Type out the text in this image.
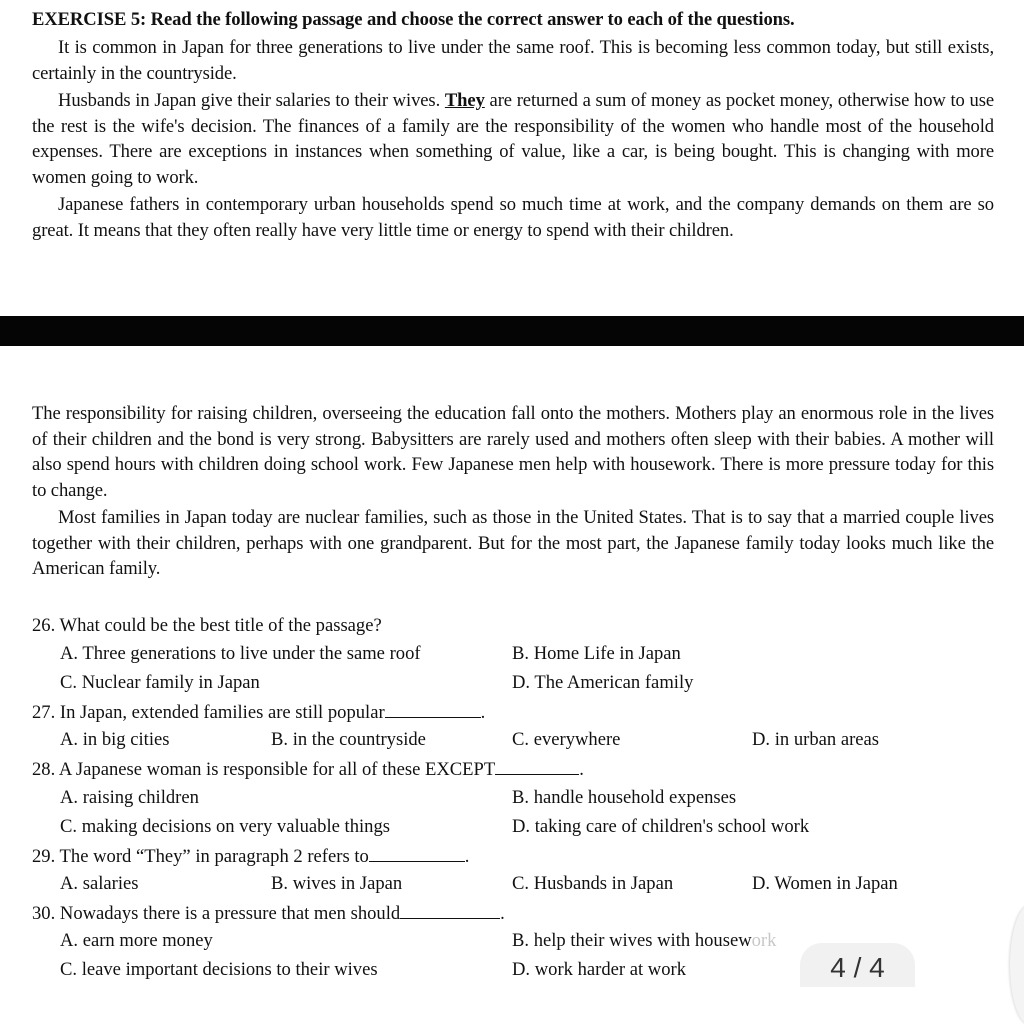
EXERCISE 5: Read the following passage and choose the correct answer to each of the questions.
It is common in Japan for three generations to live under the same roof. This is becoming less common today, but still exists, certainly in the countryside.
Husbands in Japan give their salaries to their wives. They are returned a sum of money as pocket money, otherwise how to use the rest is the wife's decision. The finances of a family are the responsibility of the women who handle most of the household expenses. There are exceptions in instances when something of value, like a car, is being bought. This is changing with more women going to work.
Japanese fathers in contemporary urban households spend so much time at work, and the company demands on them are so great. It means that they often really have very little time or energy to spend with their children.
The responsibility for raising children, overseeing the education fall onto the mothers. Mothers play an enormous role in the lives of their children and the bond is very strong. Babysitters are rarely used and mothers often sleep with their babies. A mother will also spend hours with children doing school work. Few Japanese men help with housework. There is more pressure today for this to change.
Most families in Japan today are nuclear families, such as those in the United States. That is to say that a married couple lives together with their children, perhaps with one grandparent. But for the most part, the Japanese family today looks much like the American family.
26. What could be the best title of the passage?
A. Three generations to live under the same roof	B. Home Life in Japan
C. Nuclear family in Japan	D. The American family
27. In Japan, extended families are still popular	.
A. in big cities	B. in the countryside	C. everywhere	D. in urban areas
28. A Japanese woman is responsible for all of these EXCEPT	.
A. raising children	B. handle household expenses
C. making decisions on very valuable things	D. taking care of children's school work
29. The word “They” in paragraph 2 refers to	.
A. salaries	B. wives in Japan	C. Husbands in Japan	D. Women in Japan
30. Nowadays there is a pressure that men should	.
A. earn more money	B. help their wives with housework
C. leave important decisions to their wives	D. work harder at work	4 / 4
